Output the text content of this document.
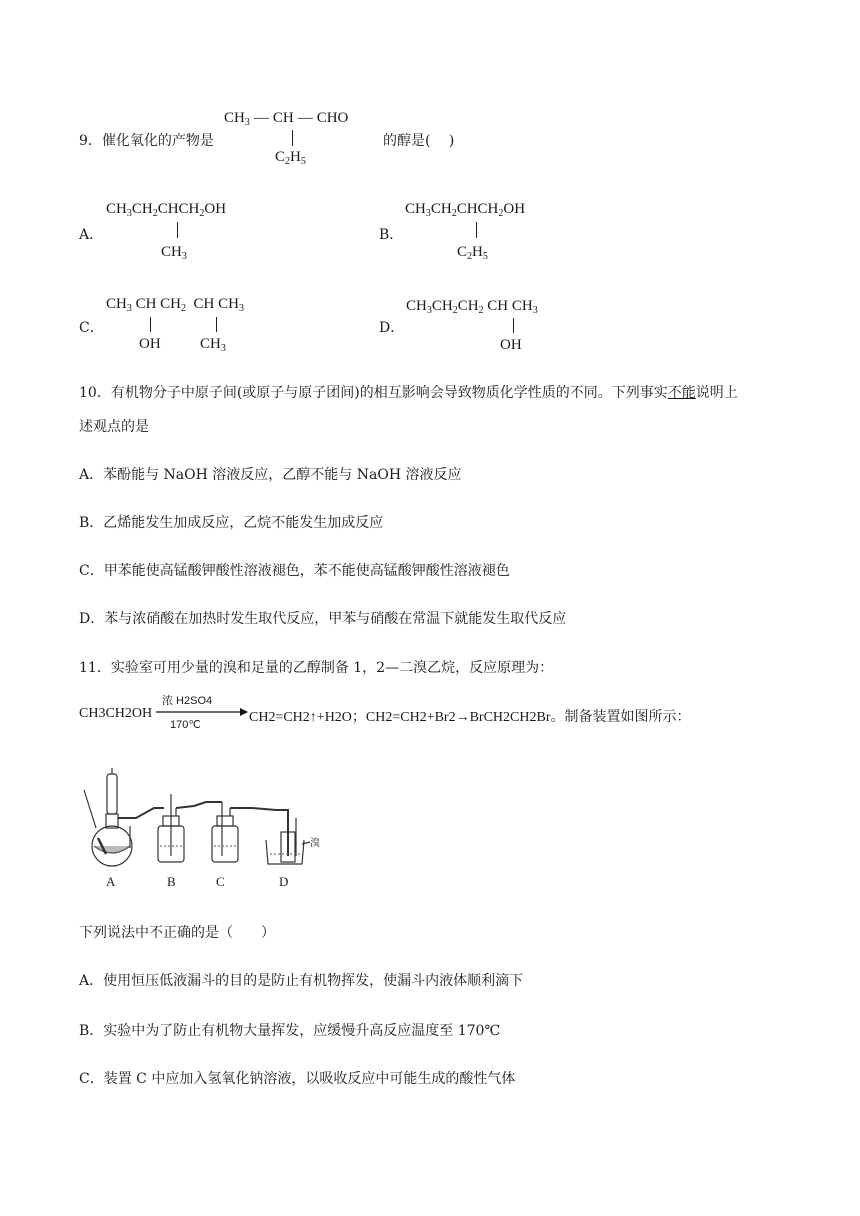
9．催化氧化的产物是
$CH_3$ — CH — CHO
$C_2H_5$
的醇是(　 )
A．
$CH_3CH_2CHCH_2OH$
$CH_3$
B．
$CH_3CH_2CHCH_2OH$
$C_2H_5$
C．
$CH_3$ CH $CH_2$  CH $CH_3$
OH	$CH_3$
D．
$CH_3CH_2CH_2$ CH $CH_3$
OH
10．有机物分子中原子间(或原子与原子团间)的相互影响会导致物质化学性质的不同。下列事实不能说明上
述观点的是
A．苯酚能与 NaOH 溶液反应，乙醇不能与 NaOH 溶液反应
B．乙烯能发生加成反应，乙烷不能发生加成反应
C．甲苯能使高锰酸钾酸性溶液褪色，苯不能使高锰酸钾酸性溶液褪色
D．苯与浓硝酸在加热时发生取代反应，甲苯与硝酸在常温下就能发生取代反应
11．实验室可用少量的溴和足量的乙醇制备 1，2—二溴乙烷，反应原理为：
CH3CH2OH
浓 H2SO4
170℃	CH2=CH2↑+H2O；CH2=CH2+Br2→BrCH2CH2Br。制备装置如图所示：
溴
A	B	C	D
下列说法中不正确的是（　　）
A．使用恒压低液漏斗的目的是防止有机物挥发，使漏斗内液体顺利滴下
B．实验中为了防止有机物大量挥发，应缓慢升高反应温度至 170℃
C．装置 C 中应加入氢氧化钠溶液，以吸收反应中可能生成的酸性气体
